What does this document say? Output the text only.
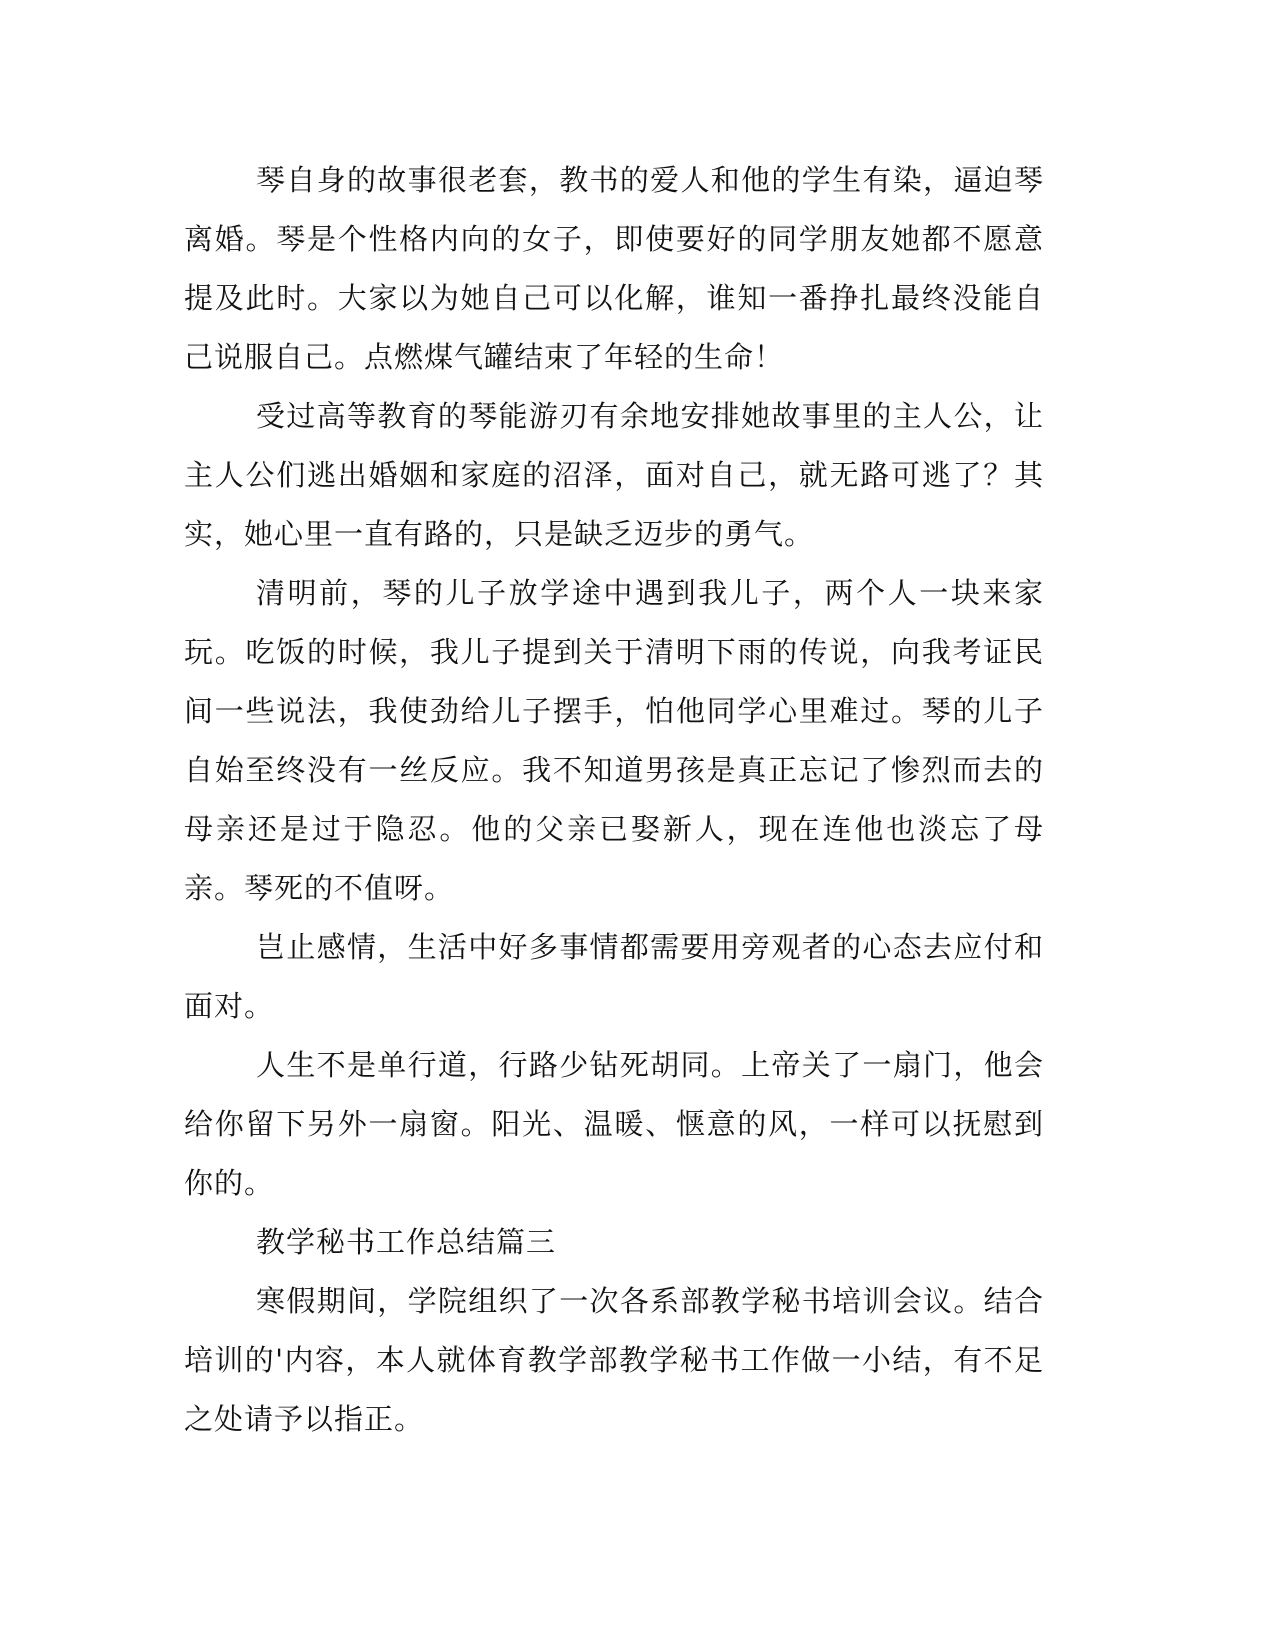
琴自身的故事很老套，教书的爱人和他的学生有染，逼迫琴离婚。琴是个性格内向的女子，即使要好的同学朋友她都不愿意提及此时。大家以为她自己可以化解，谁知一番挣扎最终没能自己说服自己。点燃煤气罐结束了年轻的生命！

受过高等教育的琴能游刃有余地安排她故事里的主人公，让主人公们逃出婚姻和家庭的沼泽，面对自己，就无路可逃了？其实，她心里一直有路的，只是缺乏迈步的勇气。

清明前，琴的儿子放学途中遇到我儿子，两个人一块来家玩。吃饭的时候，我儿子提到关于清明下雨的传说，向我考证民间一些说法，我使劲给儿子摆手，怕他同学心里难过。琴的儿子自始至终没有一丝反应。我不知道男孩是真正忘记了惨烈而去的母亲还是过于隐忍。他的父亲已娶新人，现在连他也淡忘了母亲。琴死的不值呀。

岂止感情，生活中好多事情都需要用旁观者的心态去应付和面对。

人生不是单行道，行路少钻死胡同。上帝关了一扇门，他会给你留下另外一扇窗。阳光、温暖、惬意的风，一样可以抚慰到你的。

教学秘书工作总结篇三

寒假期间，学院组织了一次各系部教学秘书培训会议。结合培训的'内容，本人就体育教学部教学秘书工作做一小结，有不足之处请予以指正。
